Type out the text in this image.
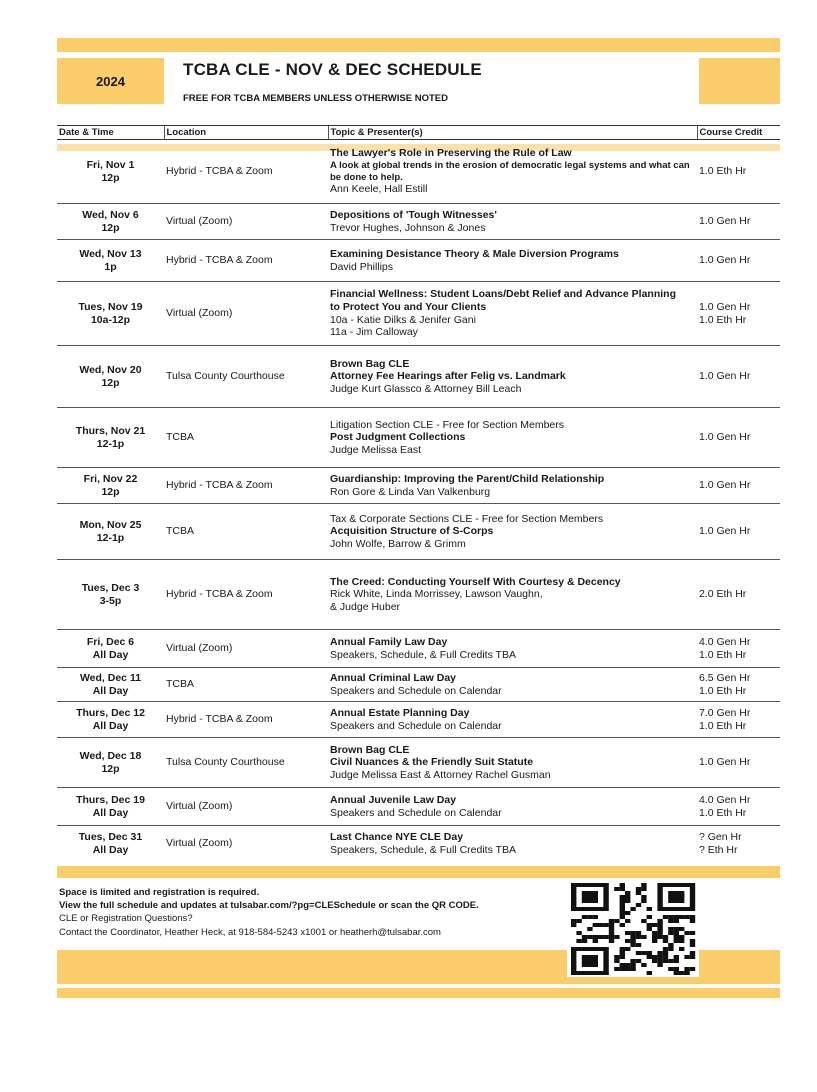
2024
TCBA CLE - NOV & DEC SCHEDULE
FREE FOR TCBA MEMBERS UNLESS OTHERWISE NOTED
Date & Time	Location	Topic & Presenter(s)	Course Credit

Fri, Nov 1
12p	Hybrid - TCBA & Zoom	The Lawyer's Role in Preserving the Rule of Law
A look at global trends in the erosion of democratic legal systems and what can be done to help.
Ann Keele, Hall Estill	1.0 Eth Hr

Wed, Nov 6
12p	Virtual (Zoom)	Depositions of 'Tough Witnesses'
Trevor Hughes, Johnson & Jones	1.0 Gen Hr

Wed, Nov 13
1p	Hybrid - TCBA & Zoom	Examining Desistance Theory & Male Diversion Programs
David Phillips	1.0 Gen Hr

Tues, Nov 19
10a-12p	Virtual (Zoom)	Financial Wellness: Student Loans/Debt Relief and Advance Planning
to Protect You and Your Clients
10a - Katie Dilks & Jenifer Gani
11a - Jim Calloway	1.0 Gen Hr
1.0 Eth Hr

Wed, Nov 20
12p	Tulsa County Courthouse	Brown Bag CLE
Attorney Fee Hearings after Felig vs. Landmark
Judge Kurt Glassco & Attorney Bill Leach	1.0 Gen Hr

Thurs, Nov 21
12-1p	TCBA	Litigation Section CLE - Free for Section Members
Post Judgment Collections
Judge Melissa East	1.0 Gen Hr

Fri, Nov 22
12p	Hybrid - TCBA & Zoom	Guardianship: Improving the Parent/Child Relationship
Ron Gore & Linda Van Valkenburg	1.0 Gen Hr

Mon, Nov 25
12-1p	TCBA	Tax & Corporate Sections CLE - Free for Section Members
Acquisition Structure of S-Corps
John Wolfe, Barrow & Grimm	1.0 Gen Hr

Tues, Dec 3
3-5p	Hybrid - TCBA & Zoom	The Creed: Conducting Yourself With Courtesy & Decency
Rick White, Linda Morrissey, Lawson Vaughn,
& Judge Huber	2.0 Eth Hr

Fri, Dec 6
All Day	Virtual (Zoom)	Annual Family Law Day
Speakers, Schedule, & Full Credits TBA	4.0 Gen Hr
1.0 Eth Hr

Wed, Dec 11
All Day	TCBA	Annual Criminal Law Day
Speakers and Schedule on Calendar	6.5 Gen Hr
1.0 Eth Hr

Thurs, Dec 12
All Day	Hybrid - TCBA & Zoom	Annual Estate Planning Day
Speakers and Schedule on Calendar	7.0 Gen Hr
1.0 Eth Hr

Wed, Dec 18
12p	Tulsa County Courthouse	Brown Bag CLE
Civil Nuances & the Friendly Suit Statute
Judge Melissa East & Attorney Rachel Gusman	1.0 Gen Hr

Thurs, Dec 19
All Day	Virtual (Zoom)	Annual Juvenile Law Day
Speakers and Schedule on Calendar	4.0 Gen Hr
1.0 Eth Hr

Tues, Dec 31
All Day	Virtual (Zoom)	Last Chance NYE CLE Day
Speakers, Schedule, & Full Credits TBA	? Gen Hr
? Eth Hr
Space is limited and registration is required.
View the full schedule and updates at tulsabar.com/?pg=CLESchedule or scan the QR CODE.
CLE or Registration Questions?
Contact the Coordinator, Heather Heck, at 918-584-5243 x1001 or heatherh@tulsabar.com
